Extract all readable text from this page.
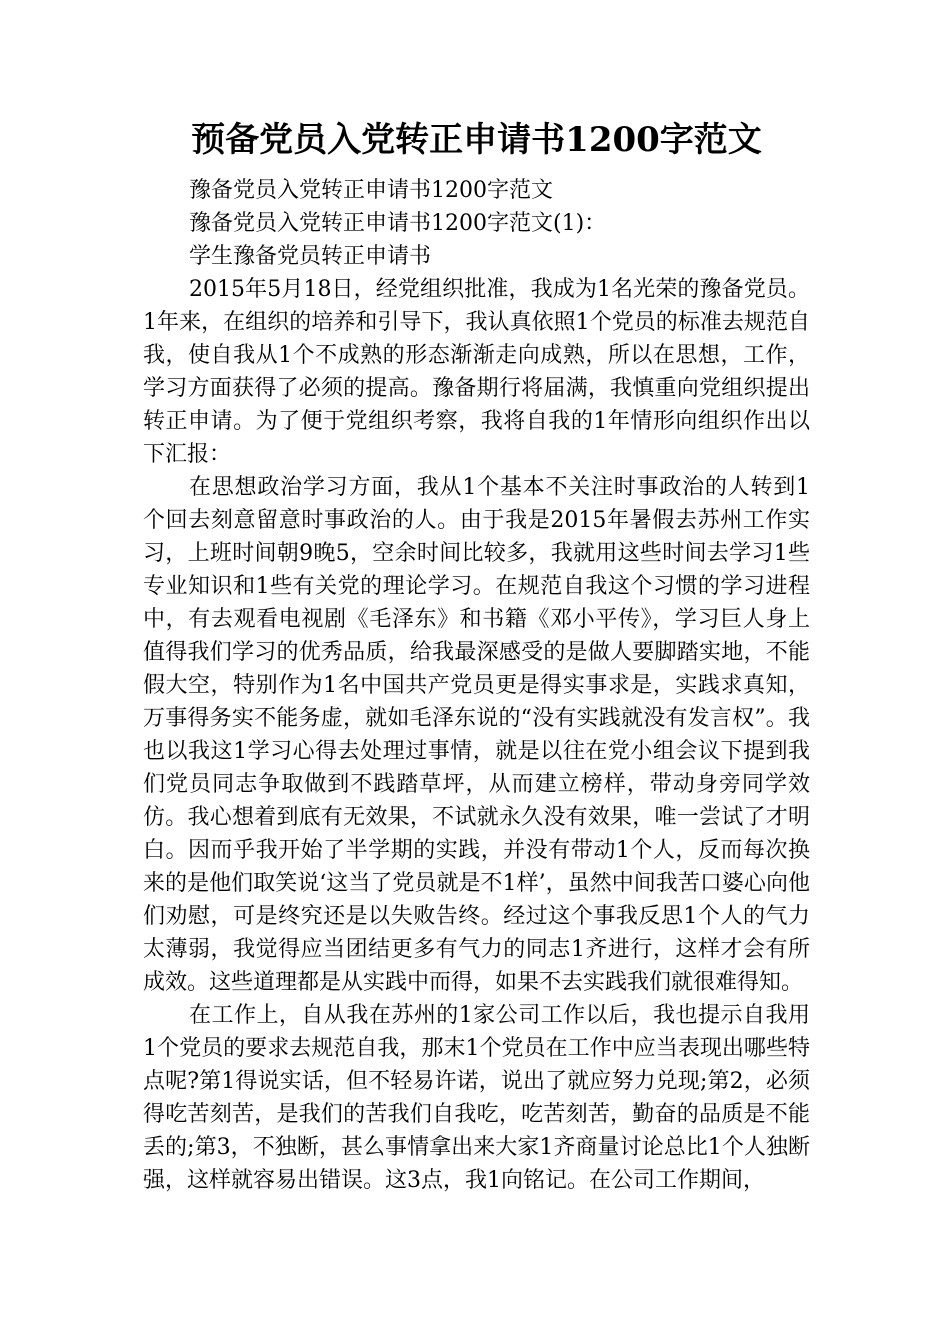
预备党员入党转正申请书1200字范文

豫备党员入党转正申请书1200字范文

豫备党员入党转正申请书1200字范文(1)：

学生豫备党员转正申请书

2015年5月18日，经党组织批准，我成为1名光荣的豫备党员。1年来，在组织的培养和引导下，我认真依照1个党员的标准去规范自我，使自我从1个不成熟的形态渐渐走向成熟，所以在思想，工作，学习方面获得了必须的提高。豫备期行将届满，我慎重向党组织提出转正申请。为了便于党组织考察，我将自我的1年情形向组织作出以下汇报：

在思想政治学习方面，我从1个基本不关注时事政治的人转到1个回去刻意留意时事政治的人。由于我是2015年暑假去苏州工作实习，上班时间朝9晚5，空余时间比较多，我就用这些时间去学习1些专业知识和1些有关党的理论学习。在规范自我这个习惯的学习进程中，有去观看电视剧《毛泽东》和书籍《邓小平传》，学习巨人身上值得我们学习的优秀品质，给我最深感受的是做人要脚踏实地，不能假大空，特别作为1名中国共产党员更是得实事求是，实践求真知，万事得务实不能务虚，就如毛泽东说的“没有实践就没有发言权”。我也以我这1学习心得去处理过事情，就是以往在党小组会议下提到我们党员同志争取做到不践踏草坪，从而建立榜样，带动身旁同学效仿。我心想着到底有无效果，不试就永久没有效果，唯一尝试了才明白。因而乎我开始了半学期的实践，并没有带动1个人，反而每次换来的是他们取笑说‘这当了党员就是不1样’，虽然中间我苦口婆心向他们劝慰，可是终究还是以失败告终。经过这个事我反思1个人的气力太薄弱，我觉得应当团结更多有气力的同志1齐进行，这样才会有所成效。这些道理都是从实践中而得，如果不去实践我们就很难得知。

在工作上，自从我在苏州的1家公司工作以后，我也提示自我用1个党员的要求去规范自我，那末1个党员在工作中应当表现出哪些特点呢?第1得说实话，但不轻易许诺，说出了就应努力兑现;第2，必须得吃苦刻苦，是我们的苦我们自我吃，吃苦刻苦，勤奋的品质是不能丢的;第3，不独断，甚么事情拿出来大家1齐商量讨论总比1个人独断强，这样就容易出错误。这3点，我1向铭记。在公司工作期间，
